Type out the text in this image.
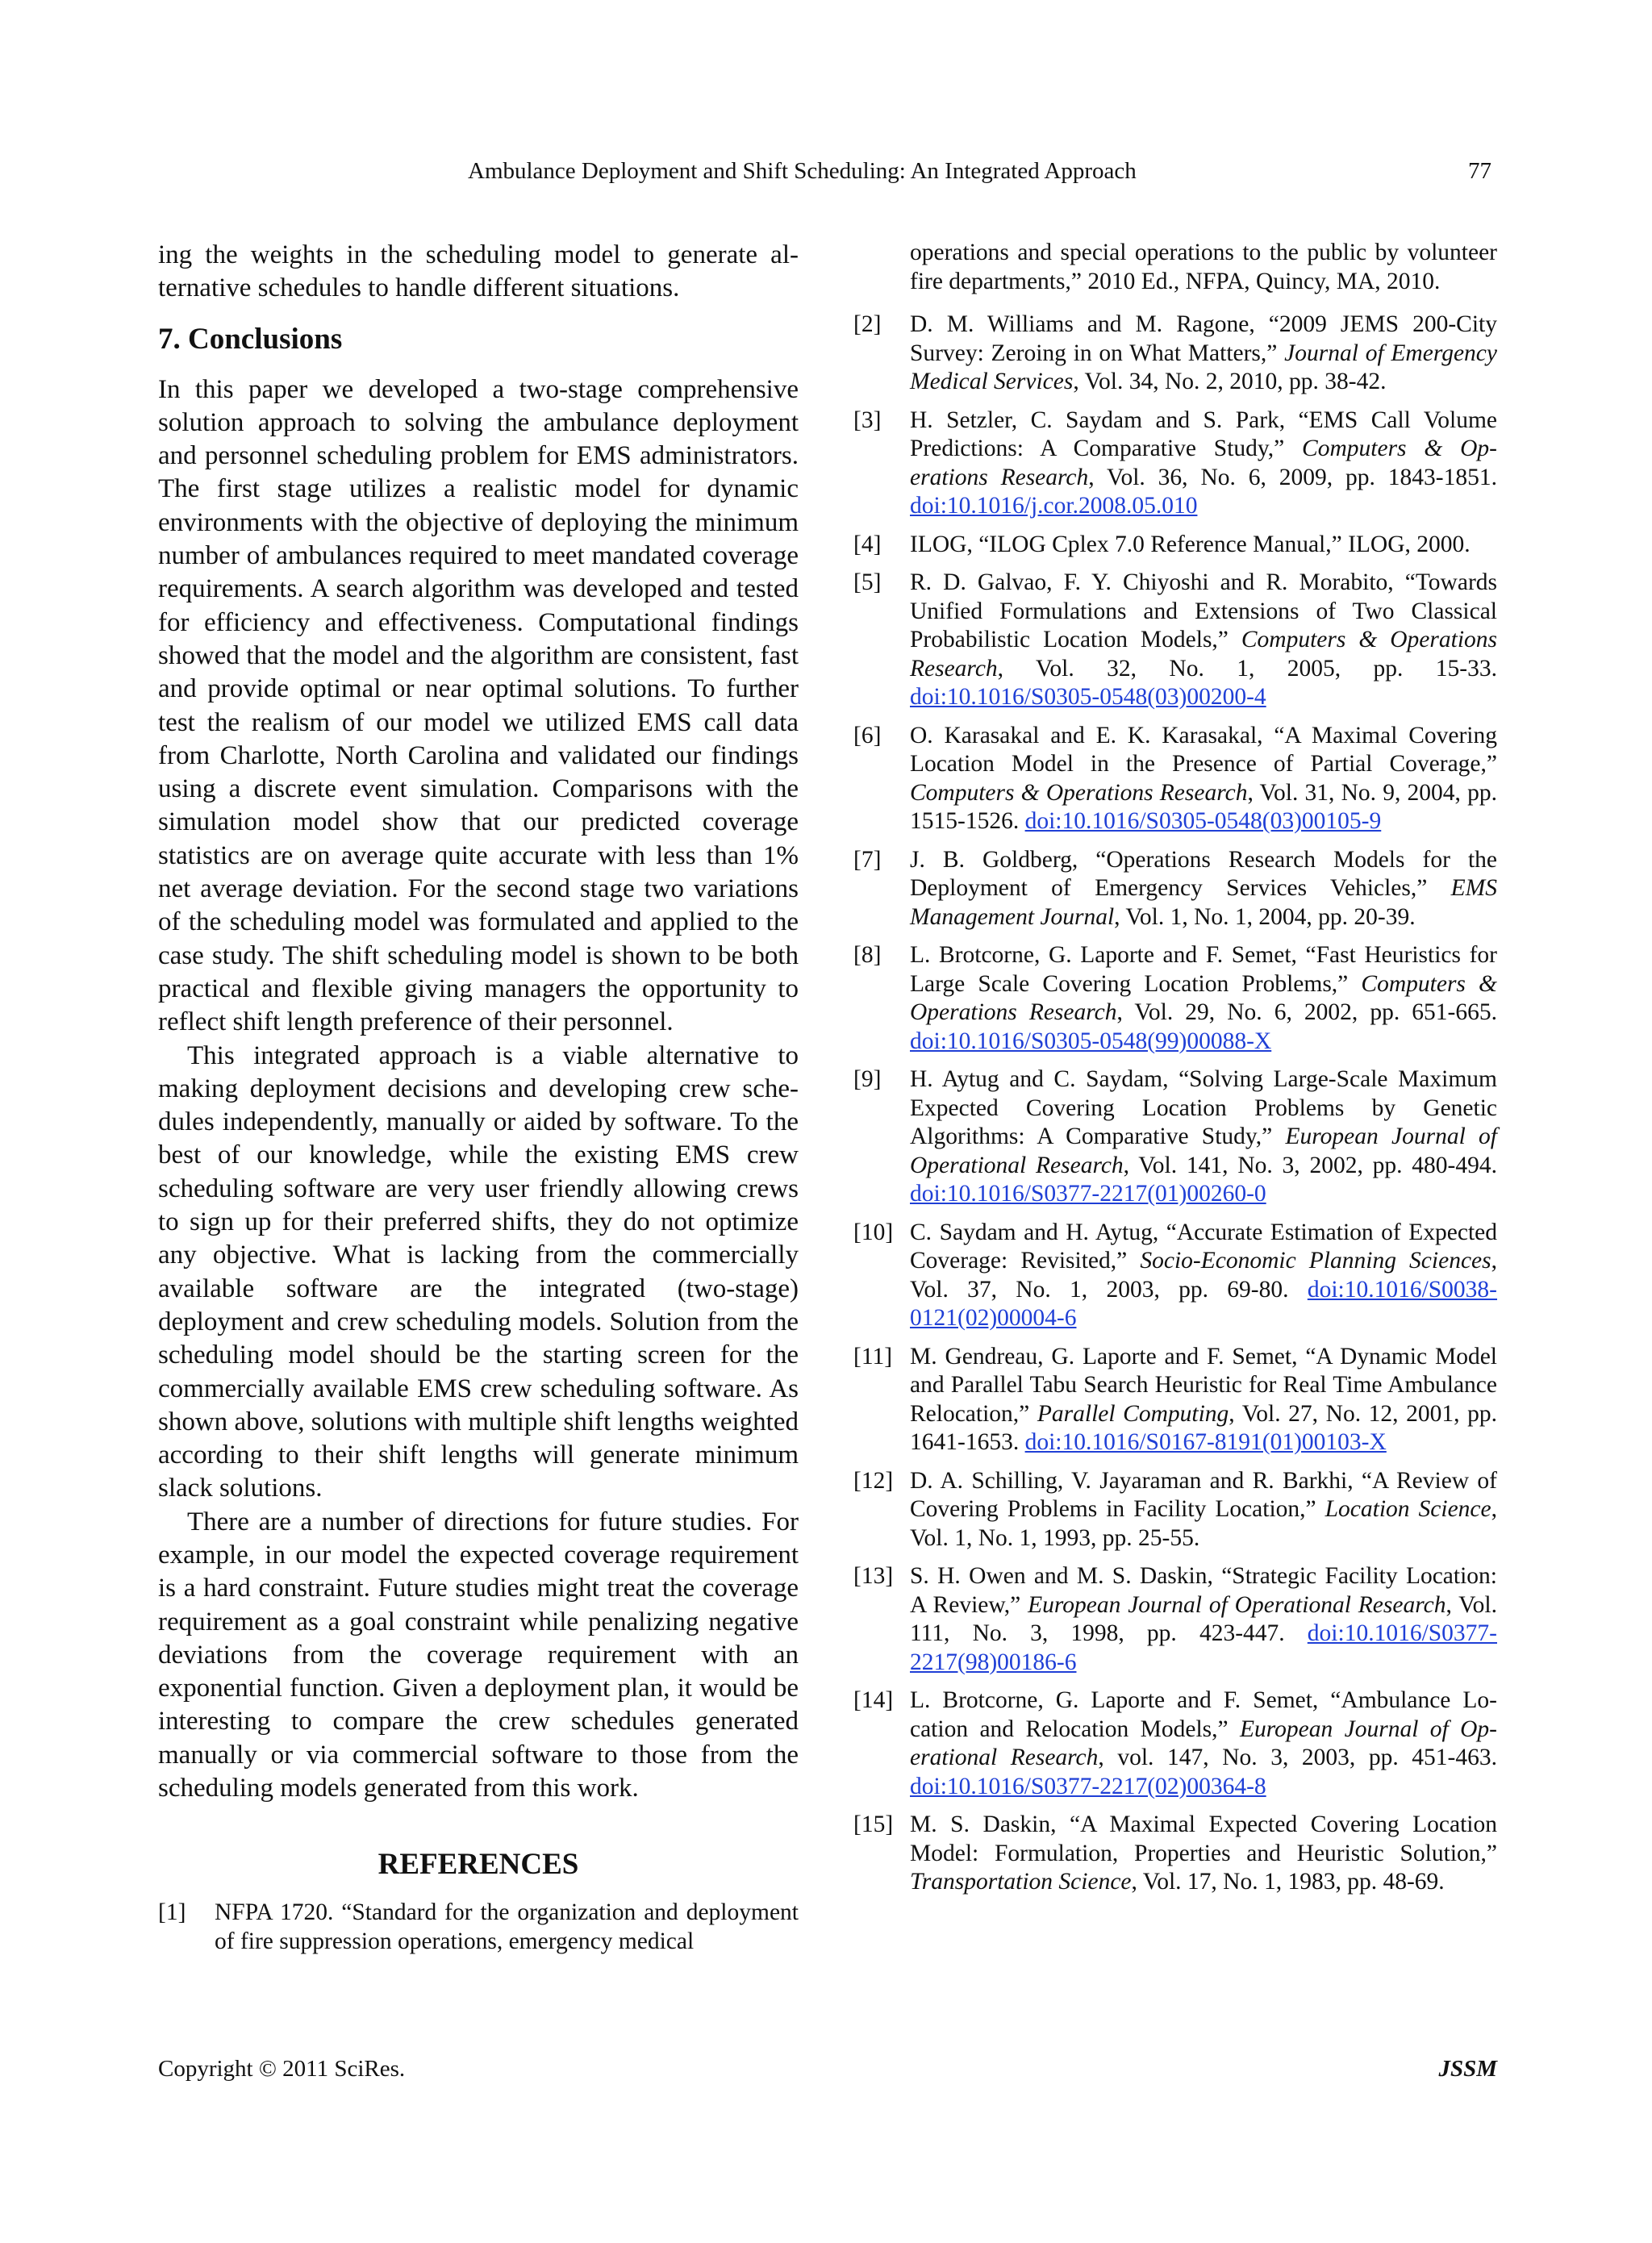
Ambulance Deployment and Shift Scheduling: An Integrated Approach	77

ing the weights in the scheduling model to generate alternative schedules to handle different situations.

7. Conclusions

In this paper we developed a two-stage comprehensive solution approach to solving the ambulance deployment and personnel scheduling problem for EMS administrators. The first stage utilizes a realistic model for dynamic environments with the objective of deploying the minimum number of ambulances required to meet mandated coverage requirements. A search algorithm was developed and tested for efficiency and effectiveness. Computational findings showed that the model and the algorithm are consistent, fast and provide optimal or near optimal solutions. To further test the realism of our model we utilized EMS call data from Charlotte, North Carolina and validated our findings using a discrete event simulation. Comparisons with the simulation model show that our predicted coverage statistics are on average quite accurate with less than 1% net average deviation. For the second stage two variations of the scheduling model was formulated and applied to the case study. The shift scheduling model is shown to be both practical and flexible giving managers the opportunity to reflect shift length preference of their personnel.

This integrated approach is a viable alternative to making deployment decisions and developing crew schedules independently, manually or aided by software. To the best of our knowledge, while the existing EMS crew scheduling software are very user friendly allowing crews to sign up for their preferred shifts, they do not optimize any objective. What is lacking from the commercially available software are the integrated (two-stage) deployment and crew scheduling models. Solution from the scheduling model should be the starting screen for the commercially available EMS crew scheduling software. As shown above, solutions with multiple shift lengths weighted according to their shift lengths will generate minimum slack solutions.

There are a number of directions for future studies. For example, in our model the expected coverage requirement is a hard constraint. Future studies might treat the coverage requirement as a goal constraint while penalizing negative deviations from the coverage requirement with an exponential function. Given a deployment plan, it would be interesting to compare the crew schedules generated manually or via commercial software to those from the scheduling models generated from this work.

REFERENCES
[1]	NFPA 1720. “Standard for the organization and deployment of fire suppression operations, emergency medical
operations and special operations to the public by volunteer fire departments,” 2010 Ed., NFPA, Quincy, MA, 2010.
[2]	D. M. Williams and M. Ragone, “2009 JEMS 200-City Survey: Zeroing in on What Matters,” Journal of Emergency Medical Services, Vol. 34, No. 2, 2010, pp. 38-42.
[3]	H. Setzler, C. Saydam and S. Park, “EMS Call Volume Predictions: A Comparative Study,” Computers & Operations Research, Vol. 36, No. 6, 2009, pp. 1843-1851. doi:10.1016/j.cor.2008.05.010
[4]	ILOG, “ILOG Cplex 7.0 Reference Manual,” ILOG, 2000.
[5]	R. D. Galvao, F. Y. Chiyoshi and R. Morabito, “Towards Unified Formulations and Extensions of Two Classical Probabilistic Location Models,” Computers & Operations Research, Vol. 32, No. 1, 2005, pp. 15-33. doi:10.1016/S0305-0548(03)00200-4
[6]	O. Karasakal and E. K. Karasakal, “A Maximal Covering Location Model in the Presence of Partial Coverage,” Computers & Operations Research, Vol. 31, No. 9, 2004, pp. 1515-1526. doi:10.1016/S0305-0548(03)00105-9
[7]	J. B. Goldberg, “Operations Research Models for the Deployment of Emergency Services Vehicles,” EMS Management Journal, Vol. 1, No. 1, 2004, pp. 20-39.
[8]	L. Brotcorne, G. Laporte and F. Semet, “Fast Heuristics for Large Scale Covering Location Problems,” Computers & Operations Research, Vol. 29, No. 6, 2002, pp. 651-665. doi:10.1016/S0305-0548(99)00088-X
[9]	H. Aytug and C. Saydam, “Solving Large-Scale Maximum Expected Covering Location Problems by Genetic Algorithms: A Comparative Study,” European Journal of Operational Research, Vol. 141, No. 3, 2002, pp. 480-494. doi:10.1016/S0377-2217(01)00260-0
[10] C. Saydam and H. Aytug, “Accurate Estimation of Expected Coverage: Revisited,” Socio-Economic Planning Sciences, Vol. 37, No. 1, 2003, pp. 69-80. doi:10.1016/S0038-0121(02)00004-6
[11] M. Gendreau, G. Laporte and F. Semet, “A Dynamic Model and Parallel Tabu Search Heuristic for Real Time Ambulance Relocation,” Parallel Computing, Vol. 27, No. 12, 2001, pp. 1641-1653. doi:10.1016/S0167-8191(01)00103-X
[12] D. A. Schilling, V. Jayaraman and R. Barkhi, “A Review of Covering Problems in Facility Location,” Location Science, Vol. 1, No. 1, 1993, pp. 25-55.
[13] S. H. Owen and M. S. Daskin, “Strategic Facility Location: A Review,” European Journal of Operational Research, Vol. 111, No. 3, 1998, pp. 423-447. doi:10.1016/S0377-2217(98)00186-6
[14] L. Brotcorne, G. Laporte and F. Semet, “Ambulance Location and Relocation Models,” European Journal of Operational Research, vol. 147, No. 3, 2003, pp. 451-463. doi:10.1016/S0377-2217(02)00364-8
[15] M. S. Daskin, “A Maximal Expected Covering Location Model: Formulation, Properties and Heuristic Solution,” Transportation Science, Vol. 17, No. 1, 1983, pp. 48-69.
Copyright © 2011 SciRes.	JSSM
